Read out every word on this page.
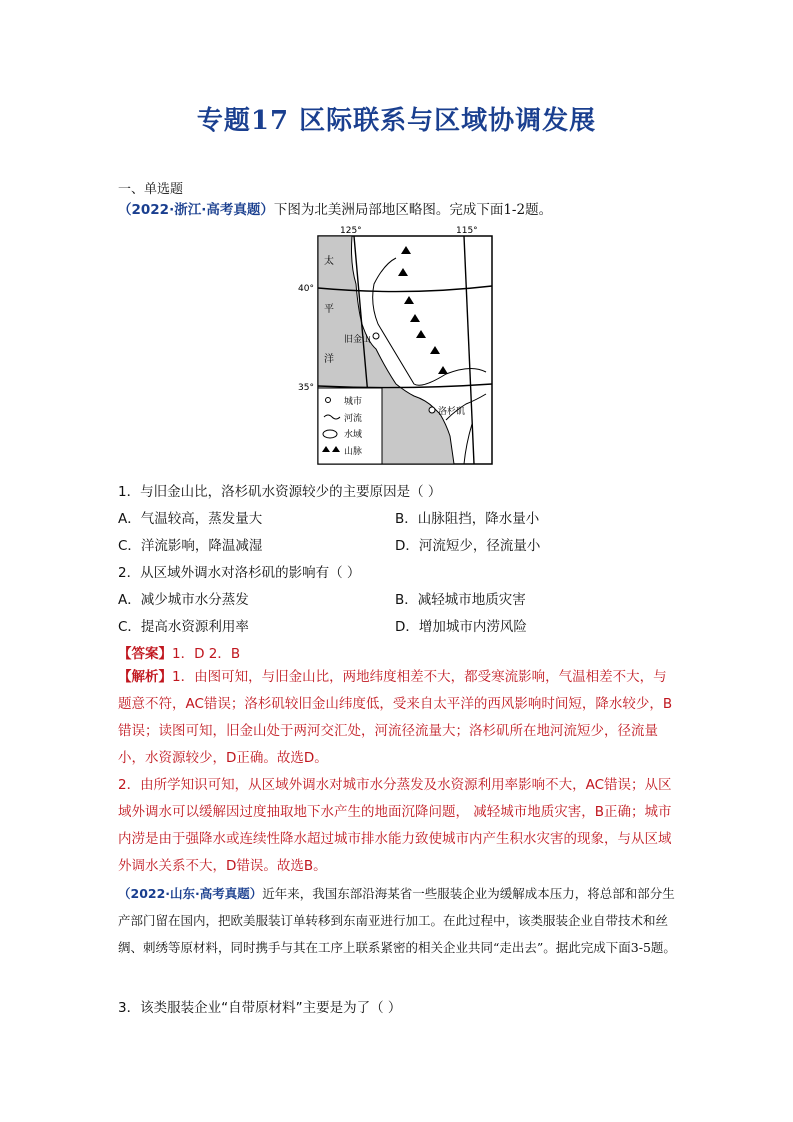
专题17 区际联系与区域协调发展
一、单选题
（2022·浙江·高考真题）下图为北美洲局部地区略图。完成下面1-2题。
城市
河流
水域
山脉
125°	115°
40°
35°
太
平
洋
旧金山
洛杉矶
1．与旧金山比，洛杉矶水资源较少的主要原因是（ ）
A．气温较高，蒸发量大	B．山脉阻挡，降水量小
C．洋流影响，降温减湿	D．河流短少，径流量小
2．从区域外调水对洛杉矶的影响有（ ）
A．减少城市水分蒸发	B．减轻城市地质灾害
C．提高水资源利用率	D．增加城市内涝风险
【答案】1．D 2．B
【解析】1．由图可知，与旧金山比，两地纬度相差不大，都受寒流影响，气温相差不大，与题意不符，AC错误；洛杉矶较旧金山纬度低，受来自太平洋的西风影响时间短，降水较少，B错误；读图可知，旧金山处于两河交汇处，河流径流量大；洛杉矶所在地河流短少，径流量小，水资源较少，D正确。故选D。
2．由所学知识可知，从区域外调水对城市水分蒸发及水资源利用率影响不大，AC错误；从区域外调水可以缓解因过度抽取地下水产生的地面沉降问题， 减轻城市地质灾害，B正确；城市内涝是由于强降水或连续性降水超过城市排水能力致使城市内产生积水灾害的现象，与从区域外调水关系不大，D错误。故选B。
（2022·山东·高考真题）近年来，我国东部沿海某省一些服装企业为缓解成本压力，将总部和部分生产部门留在国内，把欧美服装订单转移到东南亚进行加工。在此过程中，该类服装企业自带技术和丝绸、刺绣等原材料，同时携手与其在工序上联系紧密的相关企业共同“走出去”。据此完成下面3-5题。
3．该类服装企业“自带原材料”主要是为了（ ）
